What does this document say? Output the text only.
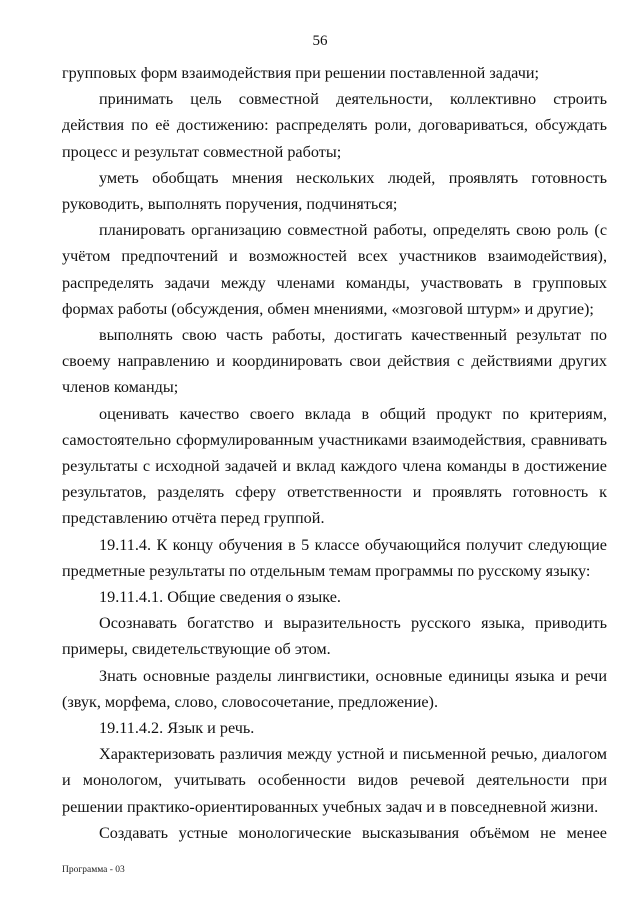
56

групповых форм взаимодействия при решении поставленной задачи;

принимать цель совместной деятельности, коллективно строить действия по её достижению: распределять роли, договариваться, обсуждать процесс и результат совместной работы;

уметь обобщать мнения нескольких людей, проявлять готовность руководить, выполнять поручения, подчиняться;

планировать организацию совместной работы, определять свою роль (с учётом предпочтений и возможностей всех участников взаимодействия), распределять задачи между членами команды, участвовать в групповых формах работы (обсуждения, обмен мнениями, «мозговой штурм» и другие);

выполнять свою часть работы, достигать качественный результат по своему направлению и координировать свои действия с действиями других членов команды;

оценивать качество своего вклада в общий продукт по критериям, самостоятельно сформулированным участниками взаимодействия, сравнивать результаты с исходной задачей и вклад каждого члена команды в достижение результатов, разделять сферу ответственности и проявлять готовность к представлению отчёта перед группой.

19.11.4. К концу обучения в 5 классе обучающийся получит следующие предметные результаты по отдельным темам программы по русскому языку:

19.11.4.1. Общие сведения о языке.

Осознавать богатство и выразительность русского языка, приводить примеры, свидетельствующие об этом.

Знать основные разделы лингвистики, основные единицы языка и речи (звук, морфема, слово, словосочетание, предложение).

19.11.4.2. Язык и речь.

Характеризовать различия между устной и письменной речью, диалогом и монологом, учитывать особенности видов речевой деятельности при решении практико-ориентированных учебных задач и в повседневной жизни.

Создавать устные монологические высказывания объёмом не менее

Программа - 03
